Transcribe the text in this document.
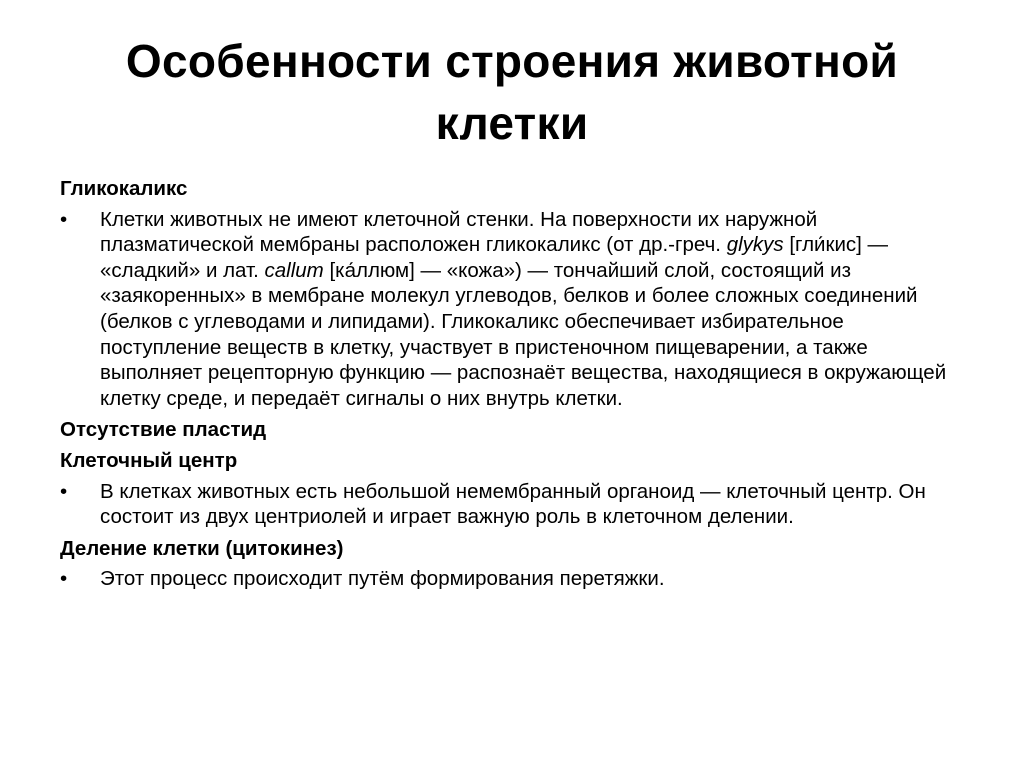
Особенности строения животной
клетки
Гликокаликс
•
Клетки животных не имеют клеточной стенки. На поверхности их наружной плазматической мембраны расположен гликокаликс (от др.-греч. glykys [гли́кис] — «сладкий» и лат. callum [ка́ллюм] — «кожа») — тончайший слой, состоящий из «заякоренных» в мембране молекул углеводов, белков и более сложных соединений (белков с углеводами и липидами). Гликокаликс обеспечивает избирательное поступление веществ в клетку, участвует в пристеночном пищеварении, а также выполняет рецепторную функцию — распознаёт вещества, находящиеся в окружающей клетку среде, и передаёт сигналы о них внутрь клетки.
Отсутствие пластид
Клеточный центр
•
В клетках животных есть небольшой немембранный органоид — клеточный центр. Он состоит из двух центриолей и играет важную роль в клеточном делении.
Деление клетки (цитокинез)
•
Этот процесс происходит путём формирования перетяжки.
